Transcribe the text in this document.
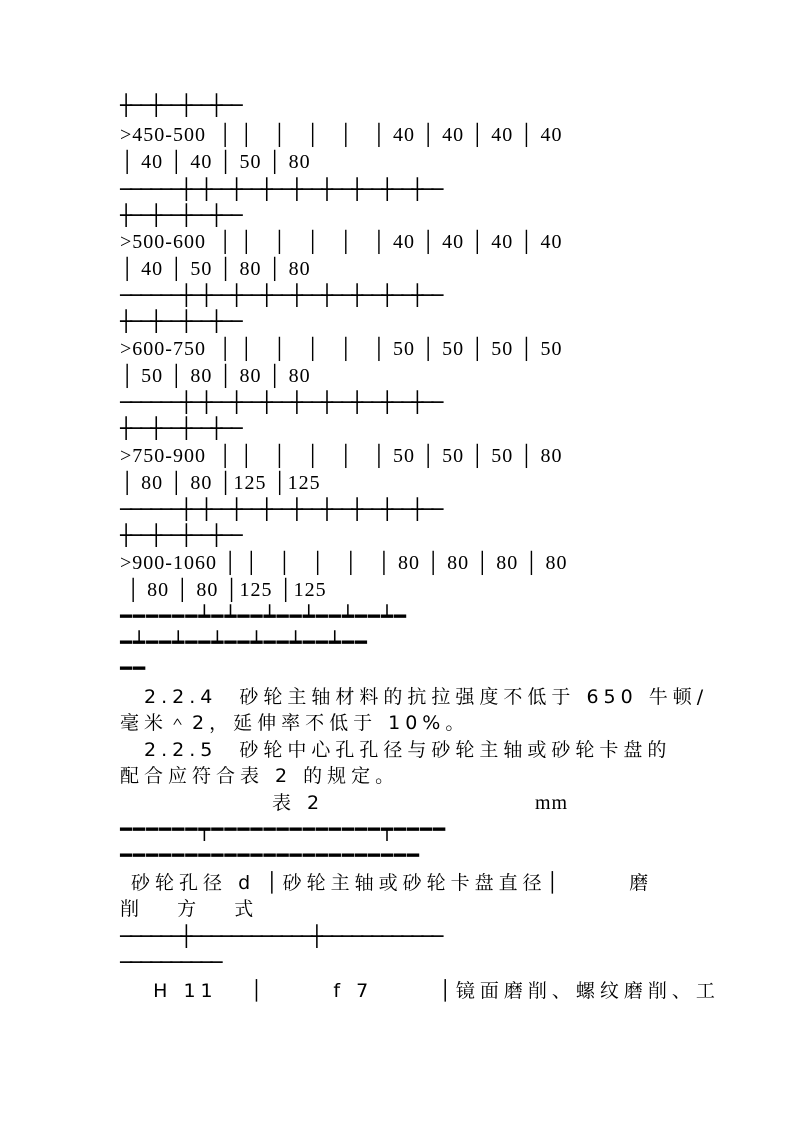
┼──┼──┼──┼──
>450-500  │ │   │   │   │   │ 40 │ 40 │ 40 │ 40
│ 40 │ 40 │ 50 │ 80
──────┼─┼──┼──┼──┼──┼──┼──┼──┼──
┼──┼──┼──┼──
>500-600  │ │   │   │   │   │ 40 │ 40 │ 40 │ 40
│ 40 │ 50 │ 80 │ 80
──────┼─┼──┼──┼──┼──┼──┼──┼──┼──
┼──┼──┼──┼──
>600-750  │ │   │   │   │   │ 50 │ 50 │ 50 │ 50
│ 50 │ 80 │ 80 │ 80
──────┼─┼──┼──┼──┼──┼──┼──┼──┼──
┼──┼──┼──┼──
>750-900  │ │   │   │   │   │ 50 │ 50 │ 50 │ 80
│ 80 │ 80 │125 │125
──────┼─┼──┼──┼──┼──┼──┼──┼──┼──
┼──┼──┼──┼──
>900-1060 │ │   │   │   │   │ 80 │ 80 │ 80 │ 80
│ 80 │ 80 │125 │125
━━━━━━┷━┷━━┷━━┷━━┷━━┷━
━┷━━┷━━┷━━┷━━┷━━┷━━
━━
2.2.4  砂轮主轴材料的抗拉强度不低于 650 牛顿/
毫米＾2，延伸率不低于 10%。
2.2.5  砂轮中心孔孔径与砂轮主轴或砂轮卡盘的
配合应符合表 2 的规定。
表 2	mm
━━━━━━┯━━━━━━━━━━━━━┯━━━━
━━━━━━━━━━━━━━━━━━━━━━━
砂轮孔径 d │砂轮主轴或砂轮卡盘直径│      磨
削   方   式
──────┼────────────┼────────────
──────────
H 11   │      f 7      │镜面磨削、螺纹磨削、工
